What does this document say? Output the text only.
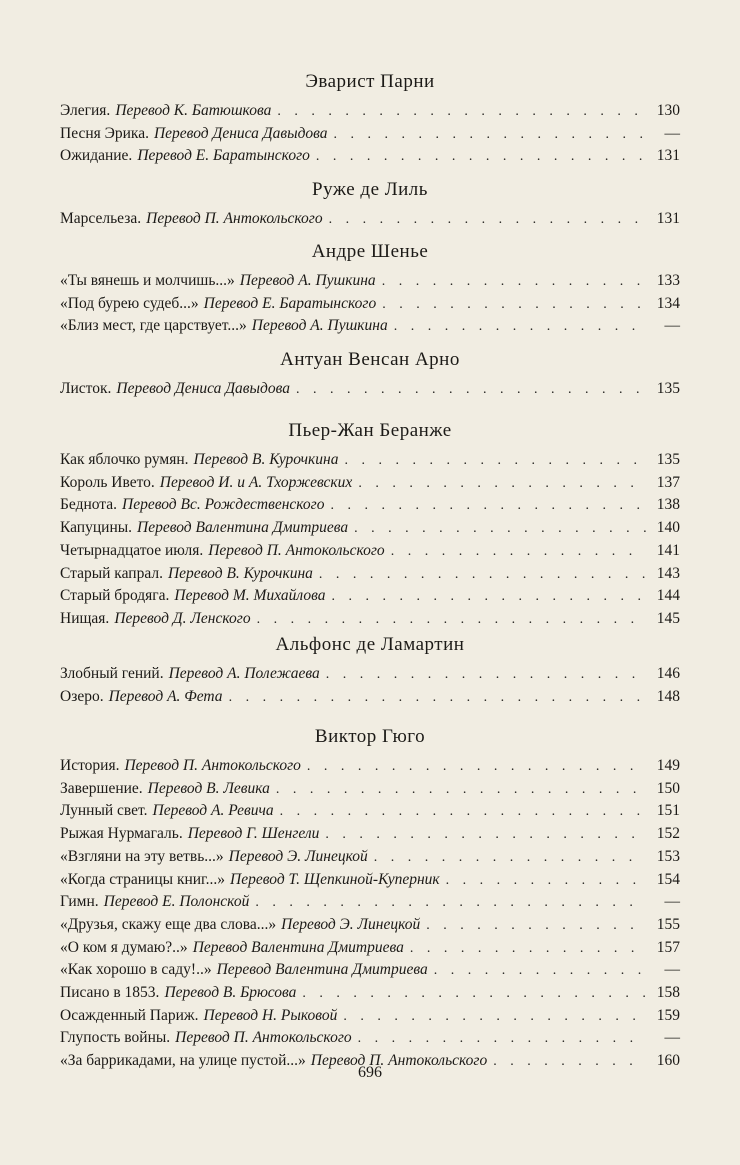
Эварист Парни
Элегия. Перевод К. Батюшкова . . .	130
Песня Эрика. Перевод Дениса Давыдова . . .	—
Ожидание. Перевод Е. Баратынского . . .	131
Руже де Лиль
Марсельеза. Перевод П. Антокольского . . .	131
Андре Шенье
«Ты вянешь и молчишь...» Перевод А. Пушкина . . .	133
«Под бурею судеб...» Перевод Е. Баратынского . . .	134
«Близ мест, где царствует...» Перевод А. Пушкина . . .	—
Антуан Венсан Арно
Листок. Перевод Дениса Давыдова . . .	135
Пьер-Жан Беранже
Как яблочко румян. Перевод В. Курочкина . . .	135
Король Ивето. Перевод И. и А. Тхоржевских . . .	137
Беднота. Перевод Вс. Рождественского . . .	138
Капуцины. Перевод Валентина Дмитриева . . .	140
Четырнадцатое июля. Перевод П. Антокольского . . .	141
Старый капрал. Перевод В. Курочкина . . .	143
Старый бродяга. Перевод М. Михайлова . . .	144
Нищая. Перевод Д. Ленского . . .	145
Альфонс де Ламартин
Злобный гений. Перевод А. Полежаева . . .	146
Озеро. Перевод А. Фета . . .	148
Виктор Гюго
История. Перевод П. Антокольского . . .	149
Завершение. Перевод В. Левика . . .	150
Лунный свет. Перевод А. Ревича . . .	151
Рыжая Нурмагаль. Перевод Г. Шенгели . . .	152
«Взгляни на эту ветвь...» Перевод Э. Линецкой . . .	153
«Когда страницы книг...» Перевод Т. Щепкиной-Куперник . . .	154
Гимн. Перевод Е. Полонской . . .	—
«Друзья, скажу еще два слова...» Перевод Э. Линецкой . . .	155
«О ком я думаю?..» Перевод Валентина Дмитриева . . .	157
«Как хорошо в саду!..» Перевод Валентина Дмитриева . . .	—
Писано в 1853. Перевод В. Брюсова . . .	158
Осажденный Париж. Перевод Н. Рыковой . . .	159
Глупость войны. Перевод П. Антокольского . . .	—
«За баррикадами, на улице пустой...» Перевод П. Антокольского . . .	160
696
